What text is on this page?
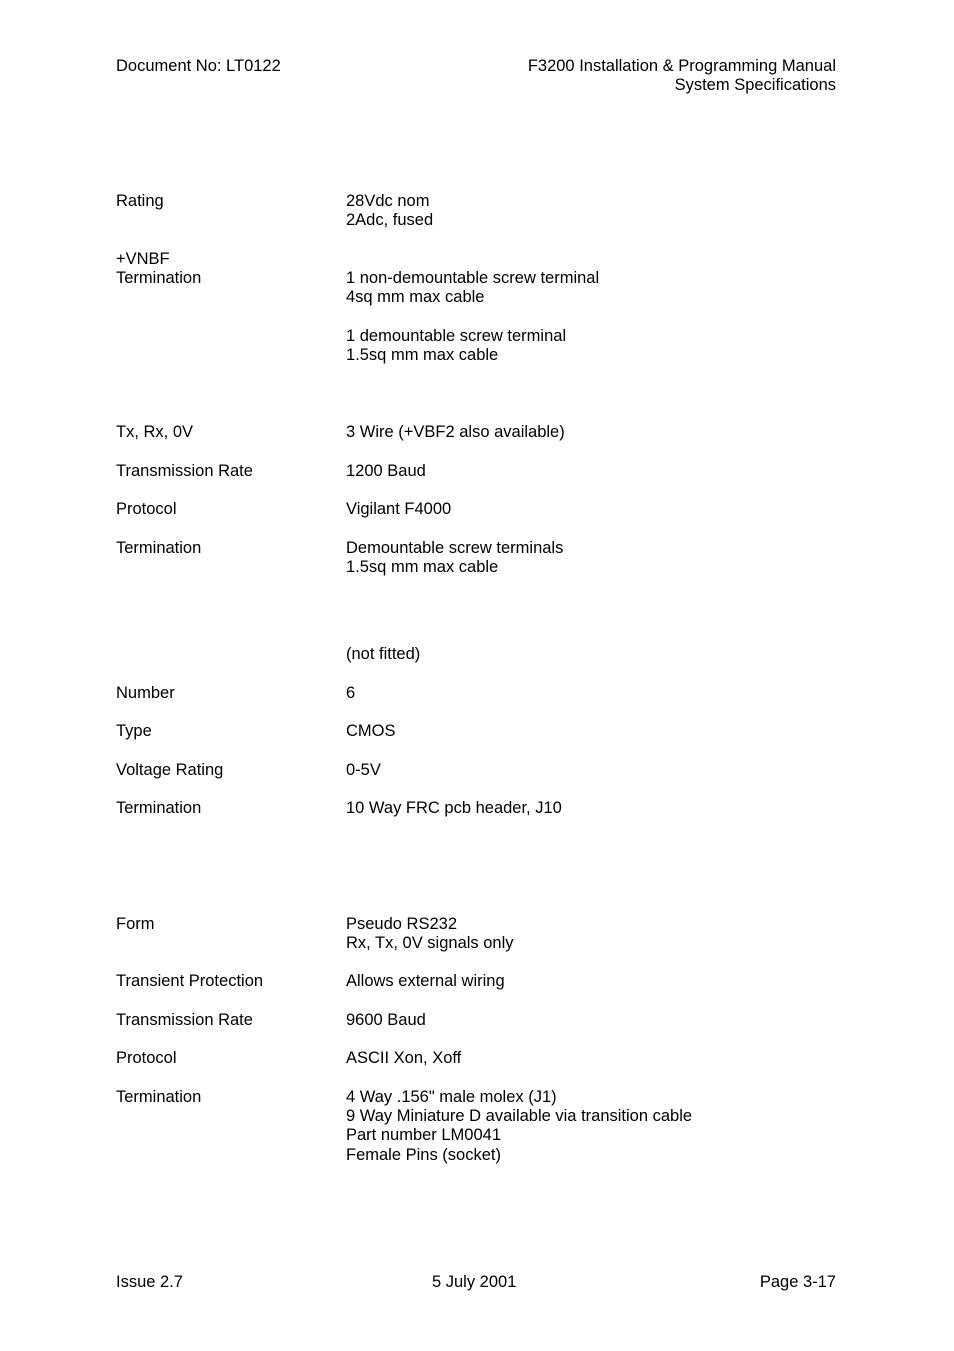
Document No: LT0122	F3200 Installation & Programming Manual
System Specifications
Rating	28Vdc nom
2Adc, fused
+VNBF
Termination	1 non-demountable screw terminal
4sq mm max cable
1 demountable screw terminal
1.5sq mm max cable
Tx, Rx, 0V	3 Wire (+VBF2 also available)
Transmission Rate	1200 Baud
Protocol	Vigilant F4000
Termination	Demountable screw terminals
1.5sq mm max cable
(not fitted)
Number	6
Type	CMOS
Voltage Rating	0-5V
Termination	10 Way FRC pcb header, J10
Form	Pseudo RS232
Rx, Tx, 0V signals only
Transient Protection	Allows external wiring
Transmission Rate	9600 Baud
Protocol	ASCII Xon, Xoff
Termination	4 Way .156" male molex (J1)
9 Way Miniature D available via transition cable
Part number LM0041
Female Pins (socket)
Issue 2.7	5 July 2001	Page 3-17
